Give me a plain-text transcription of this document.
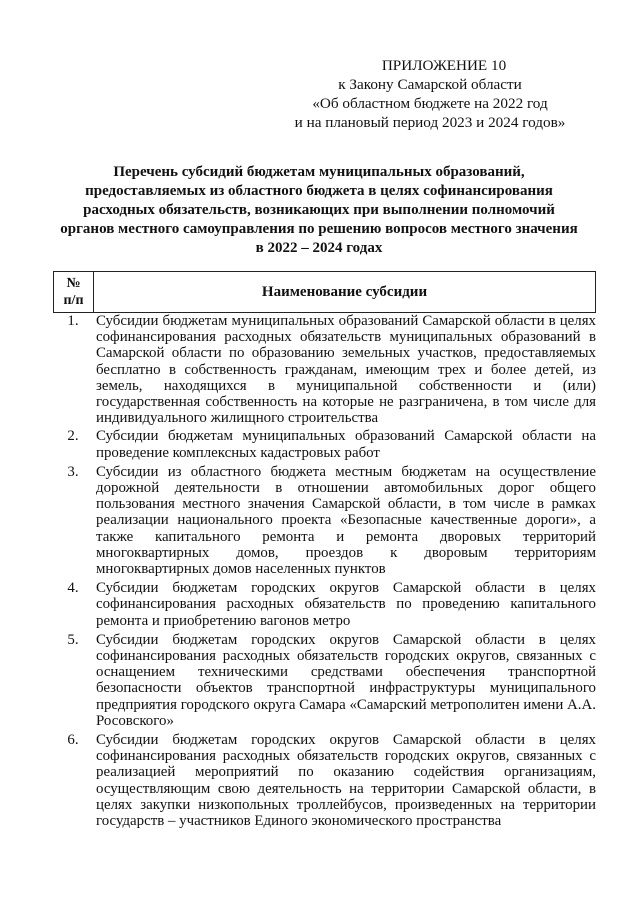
ПРИЛОЖЕНИЕ 10
к Закону Самарской области
«Об областном бюджете на 2022 год
и на плановый период 2023 и 2024 годов»
Перечень субсидий бюджетам муниципальных образований,
предоставляемых из областного бюджета в целях софинансирования
расходных обязательств, возникающих при выполнении полномочий
органов местного самоуправления по решению вопросов местного значения
в 2022 – 2024 годах
№
п/п
Наименование субсидии
1.	Субсидии бюджетам муниципальных образований Самарской области в целях софинансирования расходных обязательств муниципальных образований в Самарской области по образованию земельных участков, предоставляемых бесплатно в собственность гражданам, имеющим трех и более детей, из земель, находящихся в муниципальной собственности и (или) государственная собственность на которые не разграничена, в том числе для индивидуального жилищного строительства
2.	Субсидии бюджетам муниципальных образований Самарской области на проведение комплексных кадастровых работ
3.	Субсидии из областного бюджета местным бюджетам на осуществление дорожной деятельности в отношении автомобильных дорог общего пользования местного значения Самарской области, в том числе в рамках реализации национального проекта «Безопасные качественные дороги», а также капитального ремонта и ремонта дворовых территорий многоквартирных домов, проездов к дворовым территориям многоквартирных домов населенных пунктов
4.	Субсидии бюджетам городских округов Самарской области в целях софинансирования расходных обязательств по проведению капитального ремонта и приобретению вагонов метро
5.	Субсидии бюджетам городских округов Самарской области в целях софинансирования расходных обязательств городских округов, связанных с оснащением техническими средствами обеспечения транспортной безопасности объектов транспортной инфраструктуры муниципального предприятия городского округа Самара «Самарский метрополитен имени А.А. Росовского»
6.	Субсидии бюджетам городских округов Самарской области в целях софинансирования расходных обязательств городских округов, связанных с реализацией мероприятий по оказанию содействия организациям, осуществляющим свою деятельность на территории Самарской области, в целях закупки низкопольных троллейбусов, произведенных на территории государств – участников Единого экономического пространства
